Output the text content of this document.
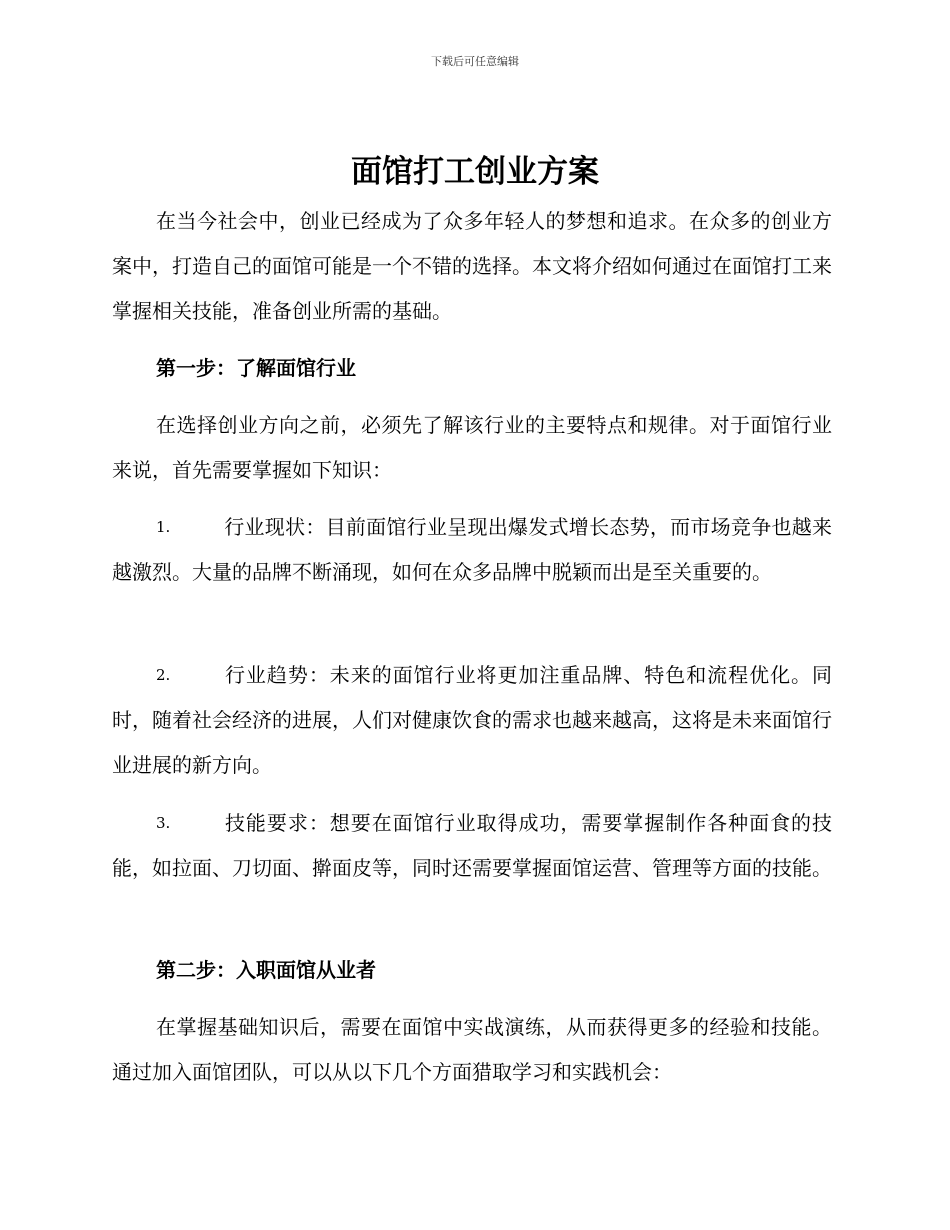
下载后可任意编辑
面馆打工创业方案

在当今社会中，创业已经成为了众多年轻人的梦想和追求。在众多的创业方案中，打造自己的面馆可能是一个不错的选择。本文将介绍如何通过在面馆打工来掌握相关技能，准备创业所需的基础。

第一步：了解面馆行业

在选择创业方向之前，必须先了解该行业的主要特点和规律。对于面馆行业来说，首先需要掌握如下知识：

1.	行业现状：目前面馆行业呈现出爆发式增长态势，而市场竞争也越来越激烈。大量的品牌不断涌现，如何在众多品牌中脱颖而出是至关重要的。
2.	行业趋势：未来的面馆行业将更加注重品牌、特色和流程优化。同时，随着社会经济的进展，人们对健康饮食的需求也越来越高，这将是未来面馆行业进展的新方向。
3.	技能要求：想要在面馆行业取得成功，需要掌握制作各种面食的技能，如拉面、刀切面、擀面皮等，同时还需要掌握面馆运营、管理等方面的技能。

第二步：入职面馆从业者

在掌握基础知识后，需要在面馆中实战演练，从而获得更多的经验和技能。通过加入面馆团队，可以从以下几个方面猎取学习和实践机会：
